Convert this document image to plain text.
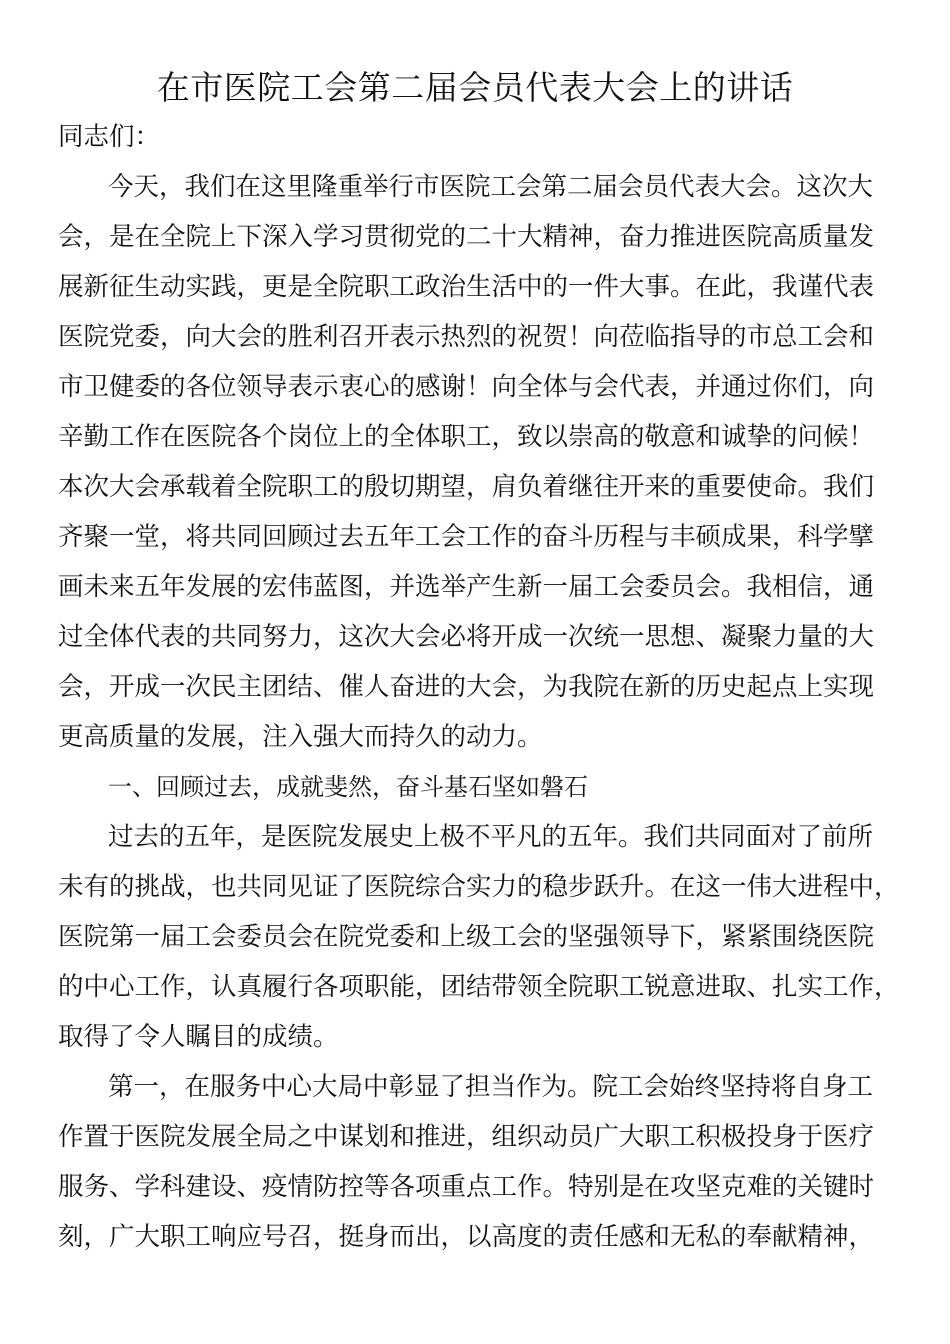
在市医院工会第二届会员代表大会上的讲话
同志们：
今天，我们在这里隆重举行市医院工会第二届会员代表大会。这次大
会，是在全院上下深入学习贯彻党的二十大精神，奋力推进医院高质量发
展新征生动实践，更是全院职工政治生活中的一件大事。在此，我谨代表
医院党委，向大会的胜利召开表示热烈的祝贺！向莅临指导的市总工会和
市卫健委的各位领导表示衷心的感谢！向全体与会代表，并通过你们，向
辛勤工作在医院各个岗位上的全体职工，致以崇高的敬意和诚挚的问候！
本次大会承载着全院职工的殷切期望，肩负着继往开来的重要使命。我们
齐聚一堂，将共同回顾过去五年工会工作的奋斗历程与丰硕成果，科学擘
画未来五年发展的宏伟蓝图，并选举产生新一届工会委员会。我相信，通
过全体代表的共同努力，这次大会必将开成一次统一思想、凝聚力量的大
会，开成一次民主团结、催人奋进的大会，为我院在新的历史起点上实现
更高质量的发展，注入强大而持久的动力。
一、回顾过去，成就斐然，奋斗基石坚如磐石
过去的五年，是医院发展史上极不平凡的五年。我们共同面对了前所
未有的挑战，也共同见证了医院综合实力的稳步跃升。在这一伟大进程中，
医院第一届工会委员会在院党委和上级工会的坚强领导下，紧紧围绕医院
的中心工作，认真履行各项职能，团结带领全院职工锐意进取、扎实工作，
取得了令人瞩目的成绩。
第一，在服务中心大局中彰显了担当作为。院工会始终坚持将自身工
作置于医院发展全局之中谋划和推进，组织动员广大职工积极投身于医疗
服务、学科建设、疫情防控等各项重点工作。特别是在攻坚克难的关键时
刻，广大职工响应号召，挺身而出，以高度的责任感和无私的奉献精神，
